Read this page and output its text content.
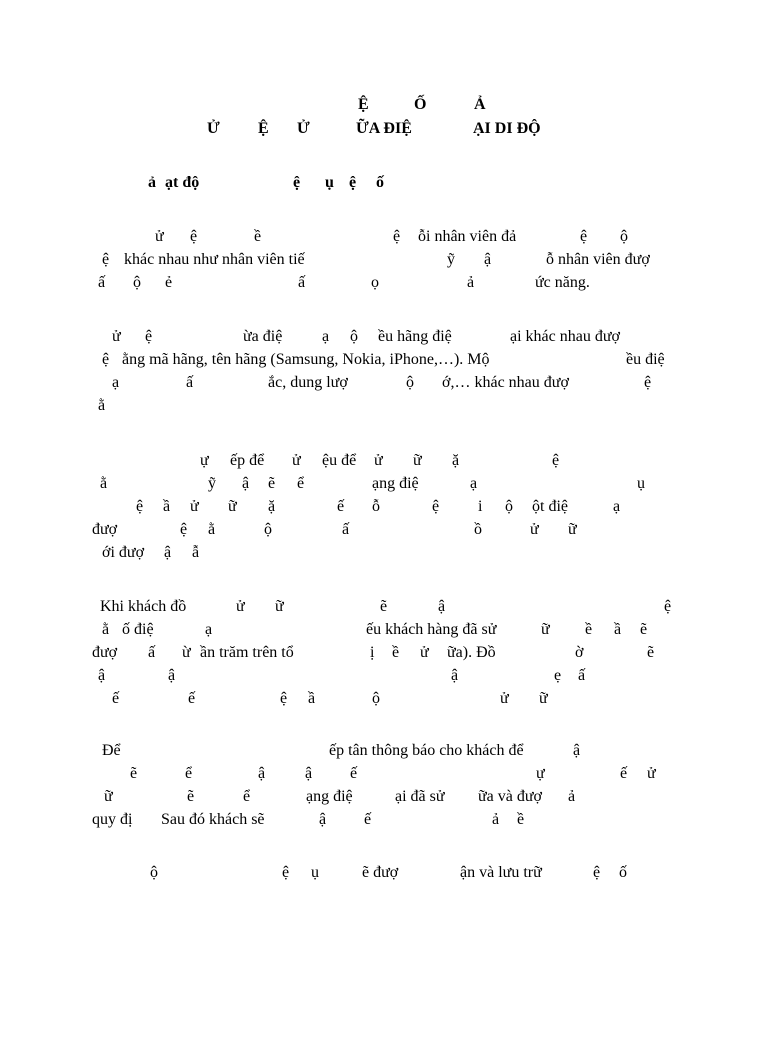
Ệ

	Ố

	Ả

Ử

Ệ

Ử

	ỮA ĐIỆ

	ẠI DI ĐỘ

ả

ạt độ

	ệ

ụ

ệ

ố

ử

ệ

	ề

	ệ

ỗi nhân viên đả

	ệ

ộ

ệ

khác nhau như nhân viên tiế

	ỹ

ậ

	ỗ nhân viên đượ

ấ

ộ

ẻ

	ấ

	ọ

	ả

	ức năng.

ử

ệ

	ừa điệ

ạ

ộ

ều hãng điệ

	ại khác nhau đượ

ệ

ằng mã hãng, tên hãng (Samsung, Nokia, iPhone,…). Mộ

	ều điệ

ạ

	ấ

	ắc, dung lượ

	ộ

ớ,… khác nhau đượ

	ệ

ằ

ự

ếp để

ử

ệu để

ử

ữ

ặ

	ệ

ằ

	ỹ

ậ

ẽ

ể

	ạng điệ

	ạ

	ụ

ệ

ầ

ử

ữ

ặ

	ế

ỗ

	ệ

i

ộ

ột điệ

	ạ

đượ

	ệ

ằ

	ộ

	ấ

	ồ

	ử

ữ

ới đượ

ậ

ẫ

Khi khách đồ

	ử

ữ

	ẽ

	ậ

	ệ

ằ

ố điệ

	ạ

	ếu khách hàng đã sử

	ữ

ề

ầ

ẽ

đượ

ấ

ừ

ần trăm trên tổ

	ị

ề

ử

ữa). Đồ

	ờ

	ẽ

ậ

	ậ

	ậ

	ẹ

ấ

ế

	ế

	ệ

ầ

	ộ

	ử

ữ

Để

	ếp tân thông báo cho khách để

	ậ

ẽ

	ể

	ậ

ậ

ế

	ự

	ế

ử

ữ

	ẽ

	ể

	ạng điệ

	ại đã sử

ữa và đượ

ả

quy đị

Sau đó khách sẽ

	ậ

ế

	ả

ề

ộ

	ệ

ụ

	ẽ đượ

	ận và lưu trữ

	ệ

ố
